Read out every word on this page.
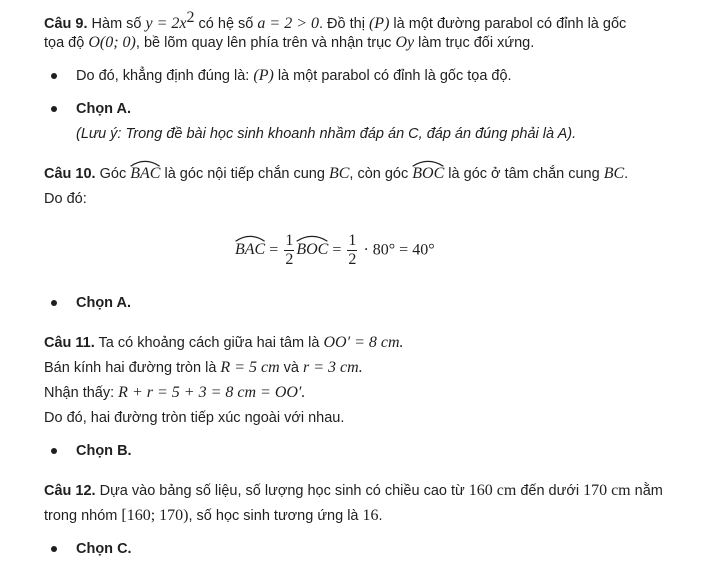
Câu 9. Hàm số $y = 2x^2$ có hệ số a = 2 > 0. Đồ thị (P) là một đường parabol có đỉnh là gốc
tọa độ O(0; 0), bề lõm quay lên phía trên và nhận trục Oy làm trục đối xứng.
Do đó, khẳng định đúng là: (P) là một parabol có đỉnh là gốc tọa độ.
Chọn A.
(Lưu ý: Trong đề bài học sinh khoanh nhầm đáp án C, đáp án đúng phải là A).
Câu 10. Góc
BAC là góc nội tiếp chắn cung BC, còn góc
BOC là góc ở tâm chắn cung BC.
Do đó:
BAC = $\frac{1}{2}$ BOC = $\frac{1}{2} \cdot 80^\circ = 40^\circ$
Chọn A.
Câu 11. Ta có khoảng cách giữa hai tâm là OO′ = 8 cm.
Bán kính hai đường tròn là R = 5 cm và r = 3 cm.
Nhận thấy: R + r = 5 + 3 = 8 cm = OO′.
Do đó, hai đường tròn tiếp xúc ngoài với nhau.
Chọn B.
Câu 12. Dựa vào bảng số liệu, số lượng học sinh có chiều cao từ 160 cm đến dưới 170 cm nằm
trong nhóm [160; 170), số học sinh tương ứng là 16.
Chọn C.
